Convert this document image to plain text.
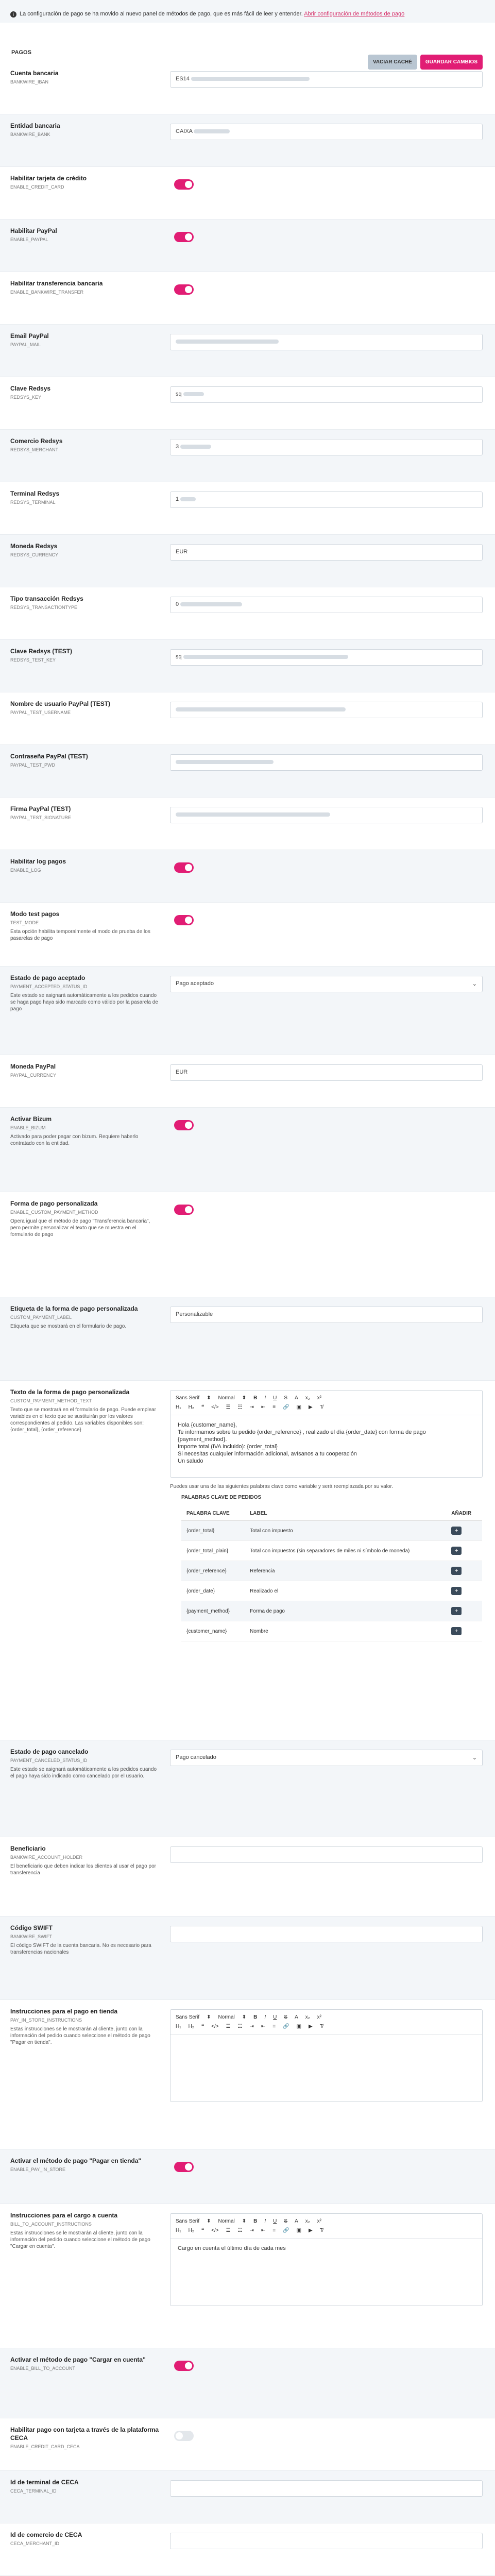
i La configuración de pago se ha movido al nuevo panel de métodos de pago, que es más fácil de leer y entender. Abrir configuración de métodos de pago
PAGOS
VACIAR CACHÉ	GUARDAR CAMBIOS
Cuenta bancaria
BANKWIRE_IBAN	ES14
Entidad bancaria
BANKWIRE_BANK	CAIXA
Habilitar tarjeta de crédito
ENABLE_CREDIT_CARD
Habilitar PayPal
ENABLE_PAYPAL
Habilitar transferencia bancaria
ENABLE_BANKWIRE_TRANSFER
Email PayPal
PAYPAL_MAIL
Clave Redsys
REDSYS_KEY	sq
Comercio Redsys
REDSYS_MERCHANT	3
Terminal Redsys
REDSYS_TERMINAL	1
Moneda Redsys
REDSYS_CURRENCY	EUR
Tipo transacción Redsys
REDSYS_TRANSACTIONTYPE	0
Clave Redsys (TEST)
REDSYS_TEST_KEY	sq
Nombre de usuario PayPal (TEST)
PAYPAL_TEST_USERNAME
Contraseña PayPal (TEST)
PAYPAL_TEST_PWD
Firma PayPal (TEST)
PAYPAL_TEST_SIGNATURE
Habilitar log pagos
ENABLE_LOG
Modo test pagos
TEST_MODE
Esta opción habilita temporalmente el modo de prueba de los pasarelas de pago
Estado de pago aceptado
PAYMENT_ACCEPTED_STATUS_ID
Este estado se asignará automáticamente a los pedidos cuando se haga pago haya sido marcado como válido por la pasarela de pago
Pago aceptado	⌄
Moneda PayPal
PAYPAL_CURRENCY	EUR
Activar Bizum
ENABLE_BIZUM
Activado para poder pagar con bizum. Requiere haberlo contratado con la entidad.
Forma de pago personalizada
ENABLE_CUSTOM_PAYMENT_METHOD
Opera igual que el método de pago "Transferencia bancaria", pero permite personalizar el texto que se muestra en el formulario de pago
Etiqueta de la forma de pago personalizada
CUSTOM_PAYMENT_LABEL
Etiqueta que se mostrará en el formulario de pago.
Personalizable
Texto de la forma de pago personalizada
CUSTOM_PAYMENT_METHOD_TEXT
Texto que se mostrará en el formulario de pago. Puede emplear variables en el texto que se sustituirán por los valores correspondientes al pedido. Las variables disponibles son: {order_total}, {order_reference}
Sans Serif ⬍ Normal ⬍ B I U S A x₂ x²
H₁ H₂ ❝ </> ☰ ☷ ⇥ ⇤ ≡ 🔗 ▣ ▶ T̸
Hola {customer_name},
Te informamos sobre tu pedido {order_reference} , realizado el día {order_date} con forma de pago {payment_method}.
Importe total (IVA incluido): {order_total}
Si necesitas cualquier información adicional, avísanos a tu cooperación
Un saludo
Puedes usar una de las siguientes palabras clave como variable y será reemplazada por su valor.
PALABRAS CLAVE DE PEDIDOS
PALABRA CLAVE	LABEL	AÑADIR
{order_total}	Total con impuesto	+
{order_total_plain}	Total con impuestos (sin separadores de miles ni símbolo de moneda)	+
{order_reference}	Referencia	+
{order_date}	Realizado el	+
{payment_method}	Forma de pago	+
{customer_name}	Nombre	+
Estado de pago cancelado
PAYMENT_CANCELED_STATUS_ID
Este estado se asignará automáticamente a los pedidos cuando el pago haya sido indicado como cancelado por el usuario.
Pago cancelado	⌄
Beneficiario
BANKWIRE_ACCOUNT_HOLDER
El beneficiario que deben indicar los clientes al usar el pago por transferencia
Código SWIFT
BANKWIRE_SWIFT
El código SWIFT de la cuenta bancaria. No es necesario para transferencias nacionales
Instrucciones para el pago en tienda
PAY_IN_STORE_INSTRUCTIONS
Estas instrucciones se le mostrarán al cliente, junto con la información del pedido cuando seleccione el método de pago "Pagar en tienda".
Sans Serif ⬍ Normal ⬍ B I U S A x₂ x²
H₁ H₂ ❝ </> ☰ ☷ ⇥ ⇤ ≡ 🔗 ▣ ▶ T̸
Activar el método de pago "Pagar en tienda"
ENABLE_PAY_IN_STORE
Instrucciones para el cargo a cuenta
BILL_TO_ACCOUNT_INSTRUCTIONS
Estas instrucciones se le mostrarán al cliente, junto con la información del pedido cuando seleccione el método de pago "Cargar en cuenta".
Sans Serif ⬍ Normal ⬍ B I U S A x₂ x²
H₁ H₂ ❝ </> ☰ ☷ ⇥ ⇤ ≡ 🔗 ▣ ▶ T̸
Cargo en cuenta el último día de cada mes
Activar el método de pago "Cargar en cuenta"
ENABLE_BILL_TO_ACCOUNT
Habilitar pago con tarjeta a través de la plataforma CECA
ENABLE_CREDIT_CARD_CECA
Id de terminal de CECA
CECA_TERMINAL_ID
Id de comercio de CECA
CECA_MERCHANT_ID
